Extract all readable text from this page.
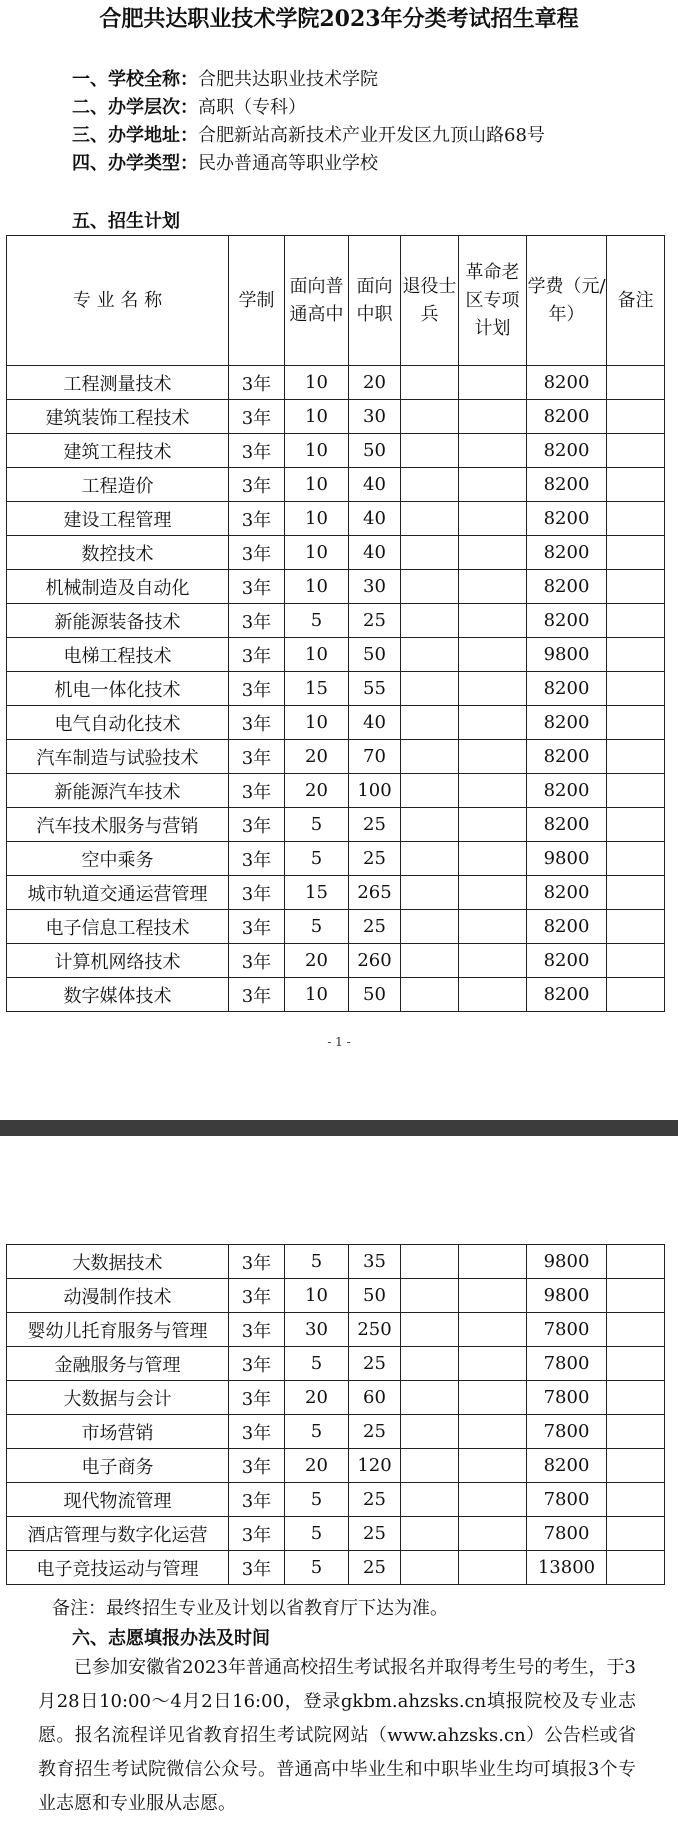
合肥共达职业技术学院2023年分类考试招生章程
一、学校全称：合肥共达职业技术学院
二、办学层次：高职（专科）
三、办学地址：合肥新站高新技术产业开发区九顶山路68号
四、办学类型：民办普通高等职业学校
五、招生计划
专 业 名 称	学制	面向普通高中	面向中职	退役士兵	革命老区专项计划	学费（元/年）	备注
工程测量技术	3年	10	20			8200	
建筑装饰工程技术	3年	10	30			8200	
建筑工程技术	3年	10	50			8200	
工程造价	3年	10	40			8200	
建设工程管理	3年	10	40			8200	
数控技术	3年	10	40			8200	
机械制造及自动化	3年	10	30			8200	
新能源装备技术	3年	5	25			8200	
电梯工程技术	3年	10	50			9800	
机电一体化技术	3年	15	55			8200	
电气自动化技术	3年	10	40			8200	
汽车制造与试验技术	3年	20	70			8200	
新能源汽车技术	3年	20	100			8200	
汽车技术服务与营销	3年	5	25			8200	
空中乘务	3年	5	25			9800	
城市轨道交通运营管理	3年	15	265			8200	
电子信息工程技术	3年	5	25			8200	
计算机网络技术	3年	20	260			8200	
数字媒体技术	3年	10	50			8200	
- 1 -
大数据技术	3年	5	35			9800	
动漫制作技术	3年	10	50			9800	
婴幼儿托育服务与管理	3年	30	250			7800	
金融服务与管理	3年	5	25			7800	
大数据与会计	3年	20	60			7800	
市场营销	3年	5	25			7800	
电子商务	3年	20	120			8200	
现代物流管理	3年	5	25			7800	
酒店管理与数字化运营	3年	5	25			7800	
电子竞技运动与管理	3年	5	25			13800	
备注：最终招生专业及计划以省教育厅下达为准。
六、志愿填报办法及时间
已参加安徽省2023年普通高校招生考试报名并取得考生号的考生，于3月28日10:00～4月2日16:00，登录gkbm.ahzsks.cn填报院校及专业志愿。报名流程详见省教育招生考试院网站（www.ahzsks.cn）公告栏或省教育招生考试院微信公众号。普通高中毕业生和中职毕业生均可填报3个专业志愿和专业服从志愿。
